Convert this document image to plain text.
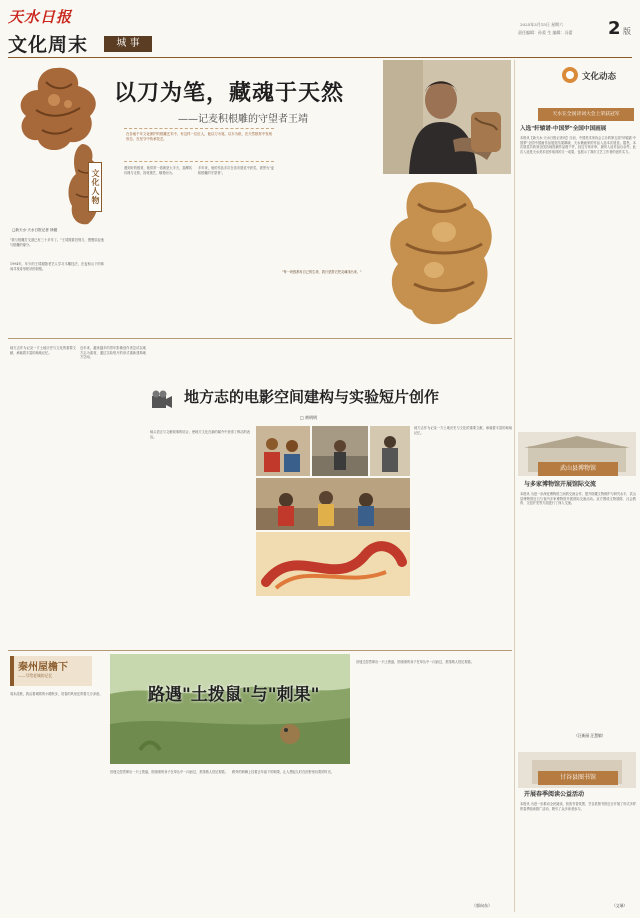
天水日报
文化周末	城 事
2025年3月15日 星期六
责任编辑：孙爱 生 编辑：冯蕾	2 版
以刀为笔，藏魂于天然
——记麦积根雕的守望者王靖
文化人物
□新天水·天水日报记者 徐健
在各地千年文化保护的根雕艺术中，有这样一位匠人，他以刀为笔，以木为纸，在天然根材中发现形态，在坚守中传承技艺。
"我与根雕打交道已有三十多年了。"王靖握着旧刻刀，慢慢讲起他与根雕的缘分。
1994年，年少的王靖跟随老艺人学习木雕技法，在麦积山下的林间寻找奇形怪状的树根。
遇到好的根材，他常常一看就是大半天，揣摩其纹理与走势，因材施艺，顺势而为。
多年来，他的作品多次在省市展览中获奖，被誉为"麦积根雕的守望者"。
"每一块根都有自己的生命，我只是帮它把灵魂找出来。"
地方志的电影空间建构与实验短片创作
□ 黄明明
地方志作为记录一方土地历史与文化的重要文献，承载着丰富的地域记忆。
近年来，越来越多的青年影像创作者尝试以地方志为素材，通过实验短片的形式重新建构地方空间。
镜头语言与文献叙事的结合，使地方文化在新的媒介中获得了鲜活的表达。
地方志作为记录一方土地历史与文化的重要文献，承载着丰富的地域记忆。
秦州屋檐下
——写给老城的记忆
路遇"土拨鼠"与"刺果"
周末清晨，我沿着城郊的小路散步，初春的风里还带着几分凉意。
田埂边忽然窜出一只土拨鼠，圆滚滚的身子在草丛中一闪而过，惹得路人驻足观看。 路旁的荆棘上挂着去年留下的刺果，让人想起儿时在田野里玩耍的时光。
田埂边忽然窜出一只土拨鼠，圆滚滚的身子在草丛中一闪而过，惹得路人驻足观看。
（郭向东）
文化动态
天水在全国诗词大会上荣获冠军
入选"轩辕谱·中国梦"全国中国画展
本报讯【新天水·天水日报记者讯】日前，中国美术家协会主办的第五届"轩辕谱·中国梦"全国中国画作品展览结果揭晓，天水籍画家的作品入选本次展览。据悉，本次展览共收到全国各地投稿作品数千件，经过专家评审，最终入选作品百余件。此次入选是天水美术创作取得的又一成果，也展示了我市文艺工作者的创作实力。
武山县博物馆
与多家博物馆开展馆际交流
本报讯 为进一步深化博物馆之间的交流合作，提升馆藏文物保护与研究水平，武山县博物馆近日与省内多家博物馆开展馆际交流活动。双方围绕文物展陈、社会教育、文创开发等方面进行了深入交流。
（汪新丽 汪慧敏）
甘谷县图书馆
开展春季阅读公益活动
本报讯 为进一步推动全民阅读，营造书香氛围，甘谷县图书馆近日开展了形式多样的春季阅读推广活动，吸引了众多读者参与。
（文瑞）
